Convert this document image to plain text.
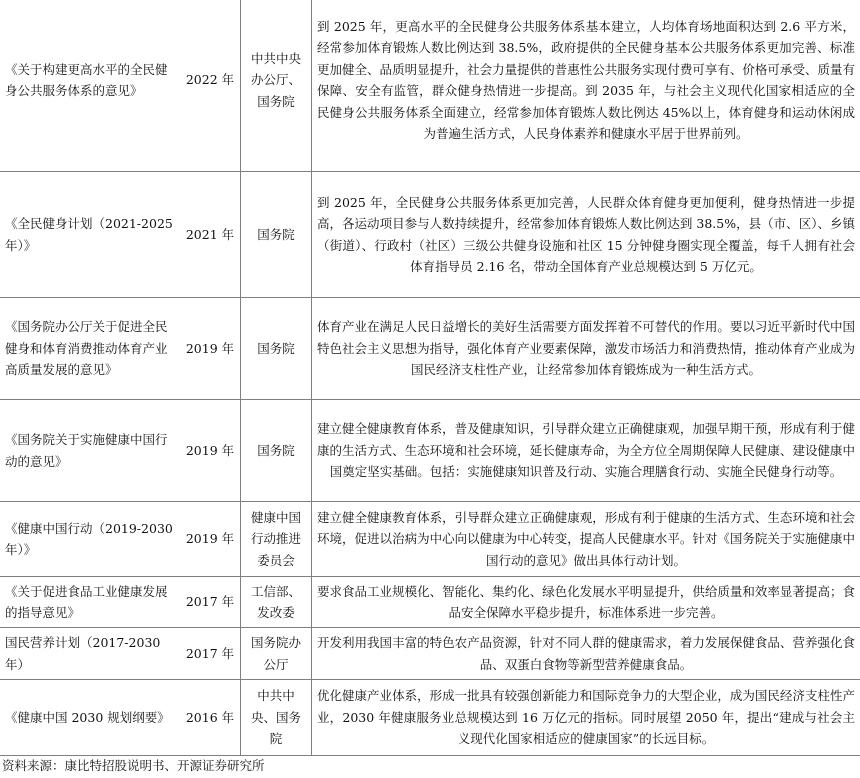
《关于构建更高水平的全民健身公共服务体系的意见》	2022 年	中共中央办公厅、国务院	到 2025 年，更高水平的全民健身公共服务体系基本建立，人均体育场地面积达到 2.6 平方米，经常参加体育锻炼人数比例达到 38.5%，政府提供的全民健身基本公共服务体系更加完善、标准更加健全、品质明显提升，社会力量提供的普惠性公共服务实现付费可享有、价格可承受、质量有保障、安全有监管，群众健身热情进一步提高。到 2035 年，与社会主义现代化国家相适应的全民健身公共服务体系全面建立，经常参加体育锻炼人数比例达 45%以上，体育健身和运动休闲成为普遍生活方式，人民身体素养和健康水平居于世界前列。
《全民健身计划（2021-2025 年）》	2021 年	国务院	到 2025 年，全民健身公共服务体系更加完善，人民群众体育健身更加便利，健身热情进一步提高，各运动项目参与人数持续提升，经常参加体育锻炼人数比例达到 38.5%，县（市、区）、乡镇（街道）、行政村（社区）三级公共健身设施和社区 15 分钟健身圈实现全覆盖，每千人拥有社会体育指导员 2.16 名，带动全国体育产业总规模达到 5 万亿元。
《国务院办公厅关于促进全民健身和体育消费推动体育产业高质量发展的意见》	2019 年	国务院	体育产业在满足人民日益增长的美好生活需要方面发挥着不可替代的作用。要以习近平新时代中国特色社会主义思想为指导，强化体育产业要素保障，激发市场活力和消费热情，推动体育产业成为国民经济支柱性产业，让经常参加体育锻炼成为一种生活方式。
《国务院关于实施健康中国行动的意见》	2019 年	国务院	建立健全健康教育体系，普及健康知识，引导群众建立正确健康观，加强早期干预，形成有利于健康的生活方式、生态环境和社会环境，延长健康寿命，为全方位全周期保障人民健康、建设健康中国奠定坚实基础。包括：实施健康知识普及行动、实施合理膳食行动、实施全民健身行动等。
《健康中国行动（2019-2030 年）》	2019 年	健康中国行动推进委员会	建立健全健康教育体系，引导群众建立正确健康观，形成有利于健康的生活方式、生态环境和社会环境，促进以治病为中心向以健康为中心转变，提高人民健康水平。针对《国务院关于实施健康中国行动的意见》做出具体行动计划。
《关于促进食品工业健康发展的指导意见》	2017 年	工信部、发改委	要求食品工业规模化、智能化、集约化、绿色化发展水平明显提升，供给质量和效率显著提高；食品安全保障水平稳步提升，标准体系进一步完善。
国民营养计划（2017-2030 年）	2017 年	国务院办公厅	开发利用我国丰富的特色农产品资源，针对不同人群的健康需求，着力发展保健食品、营养强化食品、双蛋白食物等新型营养健康食品。
《健康中国 2030 规划纲要》	2016 年	中共中央、国务院	优化健康产业体系，形成一批具有较强创新能力和国际竞争力的大型企业，成为国民经济支柱性产业，2030 年健康服务业总规模达到 16 万亿元的指标。同时展望 2050 年，提出“建成与社会主义现代化国家相适应的健康国家”的长远目标。
资料来源：康比特招股说明书、开源证券研究所
